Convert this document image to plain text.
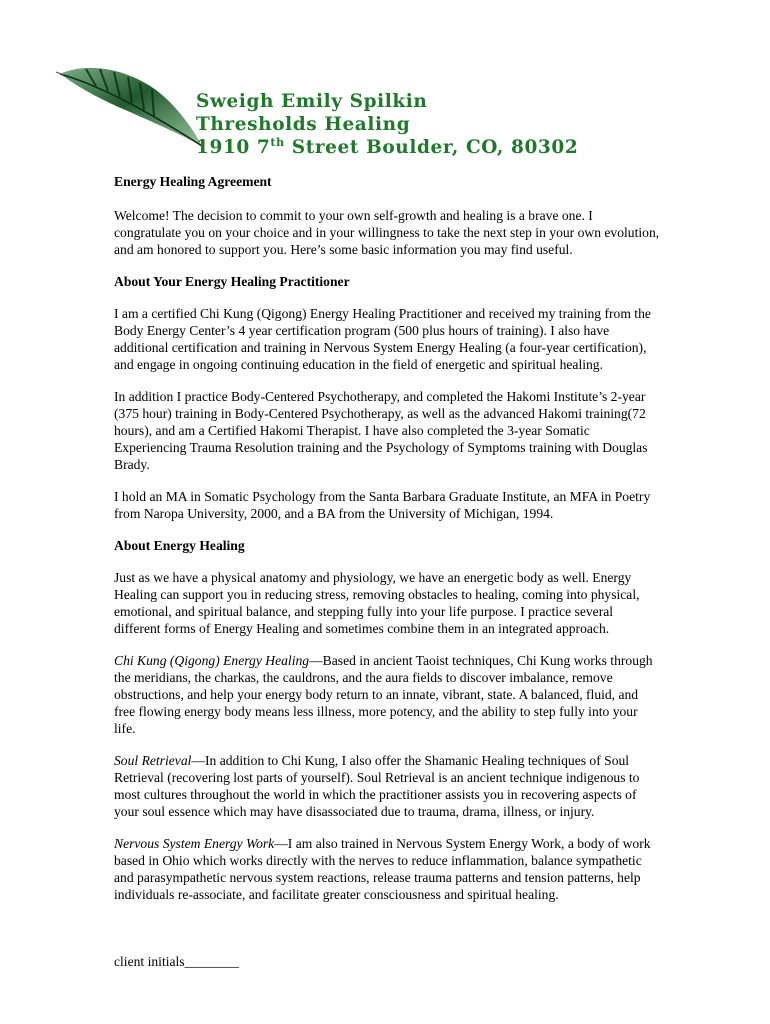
Sweigh Emily Spilkin
Thresholds Healing
1910 7th Street Boulder, CO, 80302
Energy Healing Agreement

Welcome! The decision to commit to your own self-growth and healing is a brave one. I congratulate you on your choice and in your willingness to take the next step in your own evolution, and am honored to support you. Here’s some basic information you may find useful.

About Your Energy Healing Practitioner

I am a certified Chi Kung (Qigong) Energy Healing Practitioner and received my training from the Body Energy Center’s 4 year certification program (500 plus hours of training). I also have additional certification and training in Nervous System Energy Healing (a four-year certification), and engage in ongoing continuing education in the field of energetic and spiritual healing.

In addition I practice Body-Centered Psychotherapy, and completed the Hakomi Institute’s 2-year (375 hour) training in Body-Centered Psychotherapy, as well as the advanced Hakomi training(72 hours), and am a Certified Hakomi Therapist. I have also completed the 3-year Somatic Experiencing Trauma Resolution training and the Psychology of Symptoms training with Douglas Brady.

I hold an MA in Somatic Psychology from the Santa Barbara Graduate Institute, an MFA in Poetry from Naropa University, 2000, and a BA from the University of Michigan, 1994.

About Energy Healing

Just as we have a physical anatomy and physiology, we have an energetic body as well. Energy Healing can support you in reducing stress, removing obstacles to healing, coming into physical, emotional, and spiritual balance, and stepping fully into your life purpose. I practice several different forms of Energy Healing and sometimes combine them in an integrated approach.

Chi Kung (Qigong) Energy Healing—Based in ancient Taoist techniques, Chi Kung works through the meridians, the charkas, the cauldrons, and the aura fields to discover imbalance, remove obstructions, and help your energy body return to an innate, vibrant, state. A balanced, fluid, and free flowing energy body means less illness, more potency, and the ability to step fully into your life.

Soul Retrieval—In addition to Chi Kung, I also offer the Shamanic Healing techniques of Soul Retrieval (recovering lost parts of yourself). Soul Retrieval is an ancient technique indigenous to most cultures throughout the world in which the practitioner assists you in recovering aspects of your soul essence which may have disassociated due to trauma, drama, illness, or injury.

Nervous System Energy Work—I am also trained in Nervous System Energy Work, a body of work based in Ohio which works directly with the nerves to reduce inflammation, balance sympathetic and parasympathetic nervous system reactions, release trauma patterns and tension patterns, help individuals re-associate, and facilitate greater consciousness and spiritual healing.

client initials________
